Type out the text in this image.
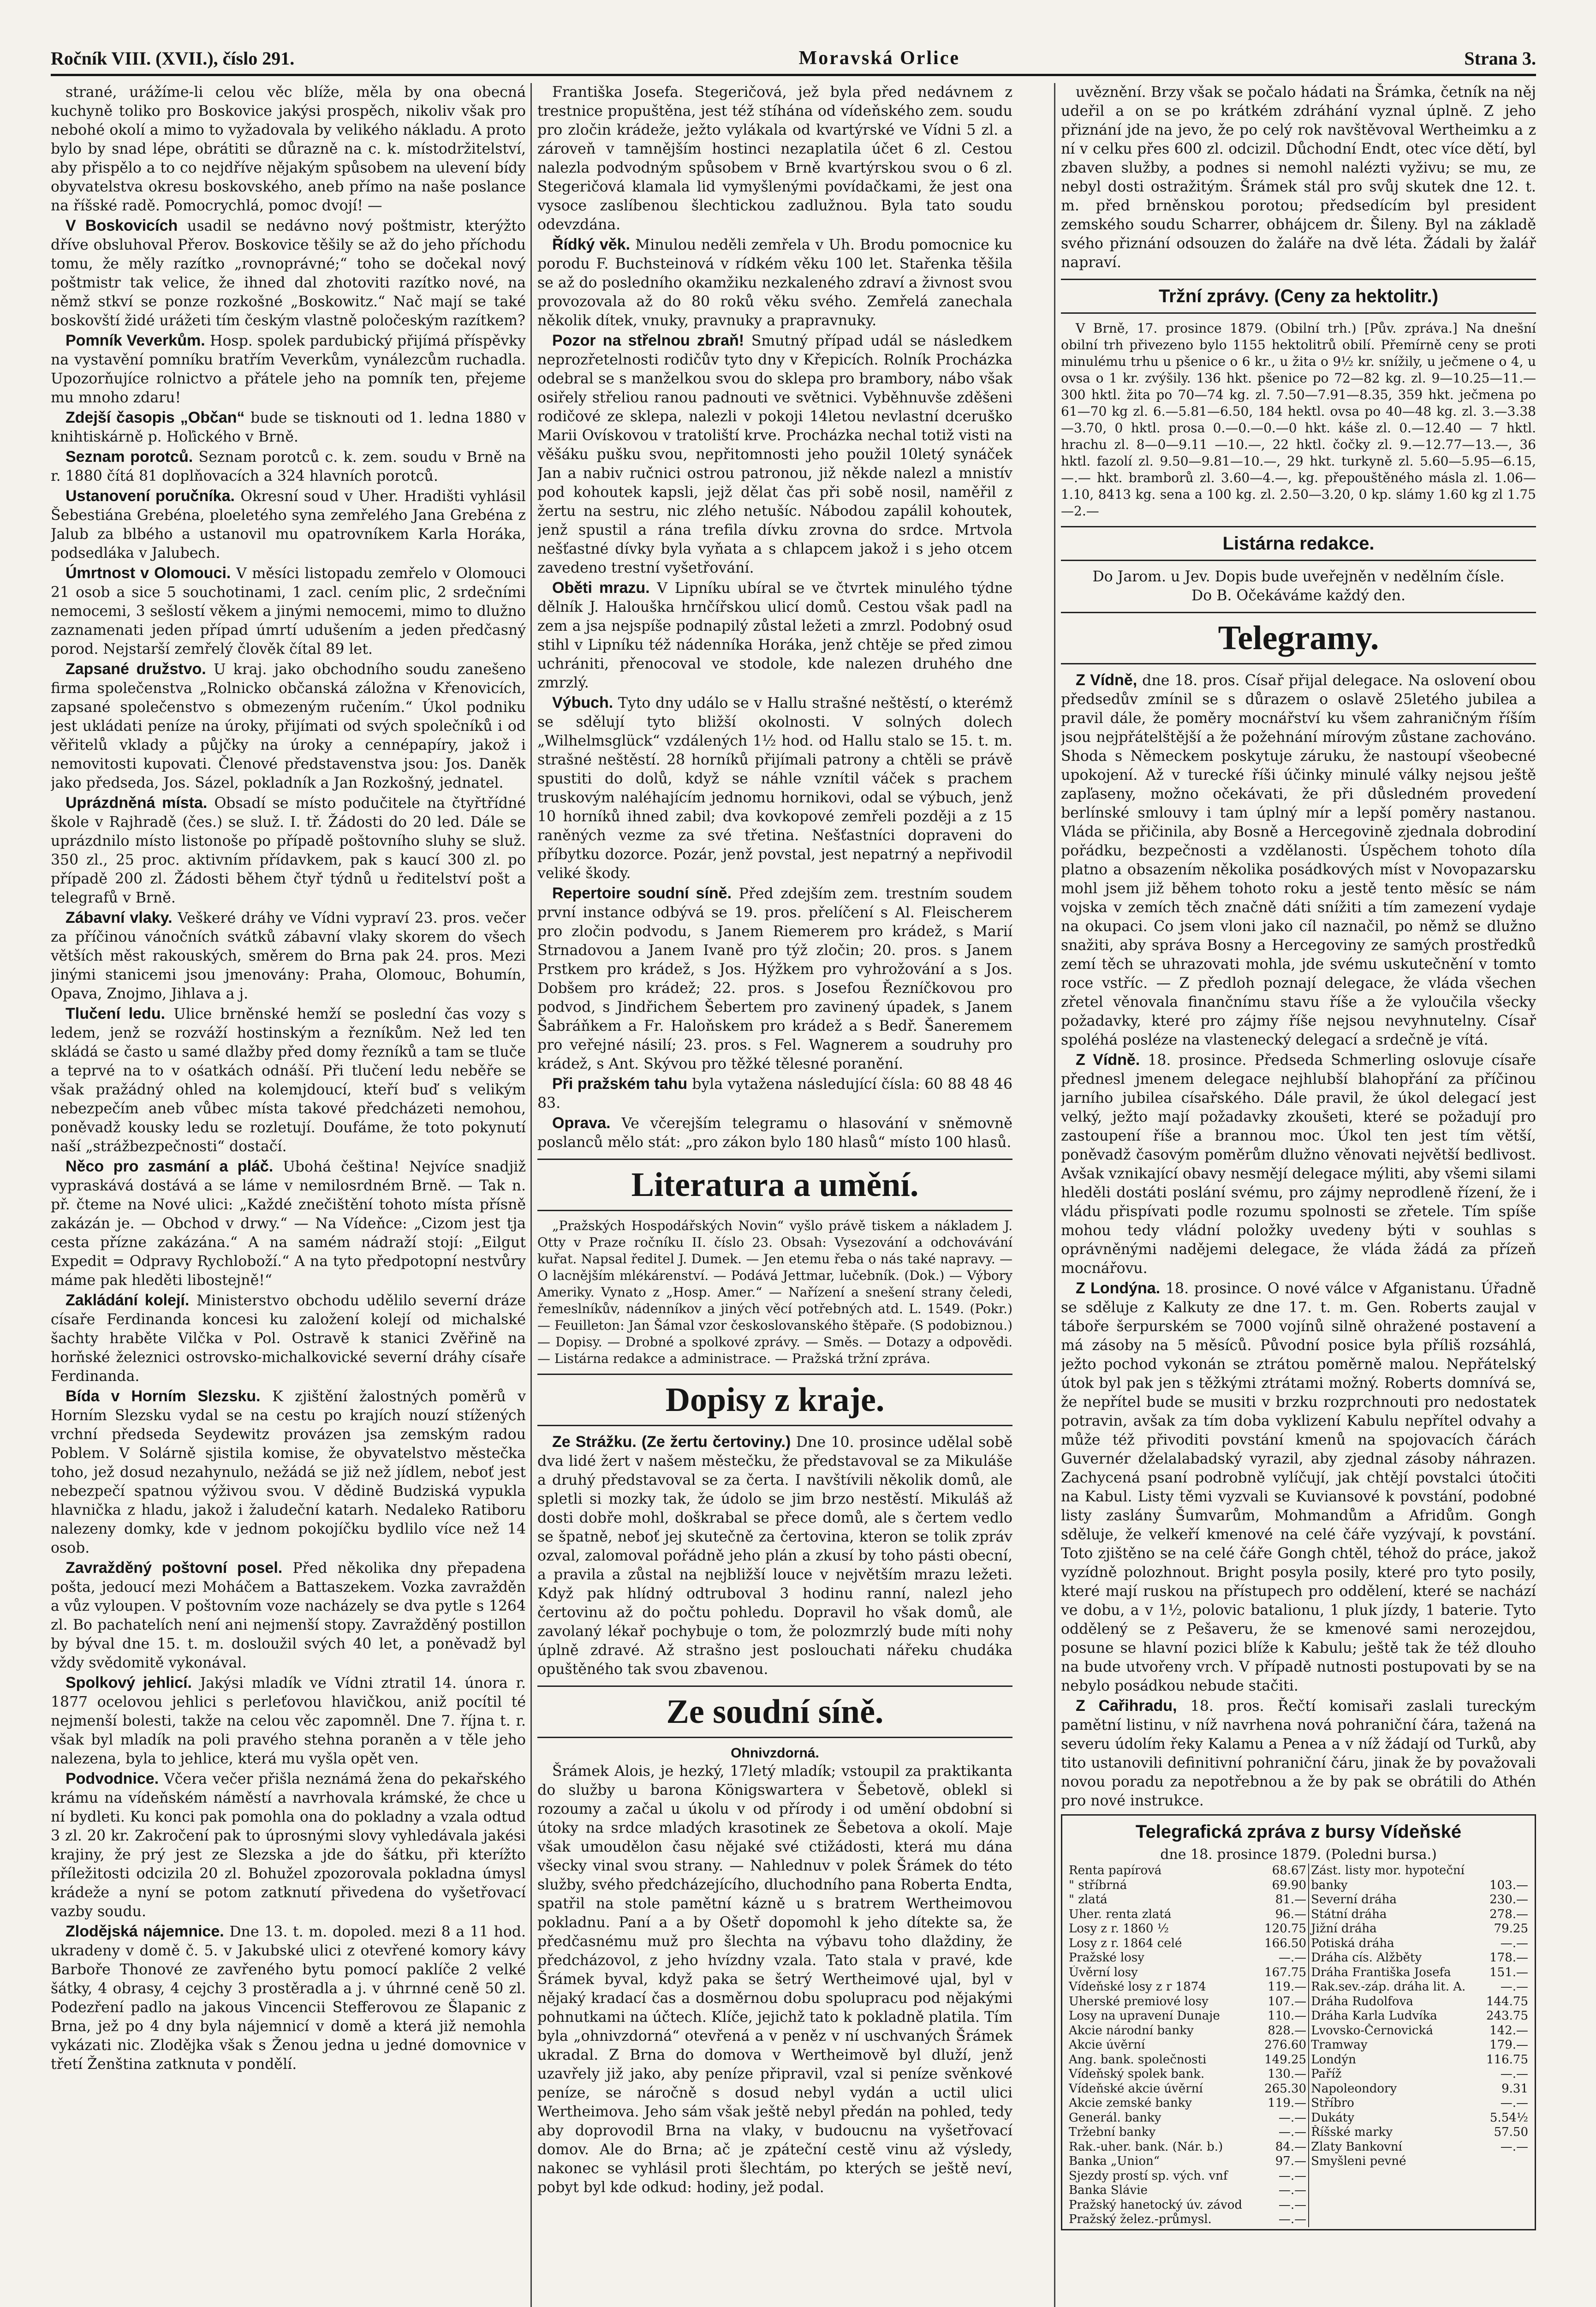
Ročník VIII. (XVII.), číslo 291.	Moravská Orlice	Strana 3.

strané, urážíme-li celou věc blíže, měla by ona obecná kuchyně toliko pro Boskovice jakýsi prospěch, nikoliv však pro nebohé okolí a mimo to vyžadovala by velikého nákladu. A proto bylo by snad lépe, obrátiti se důrazně na c. k. místodržitelství, aby přispělo a to co nejdříve nějakým spůsobem na ulevení bídy obyvatelstva okresu boskovského, aneb přímo na naše poslance na říšské radě. Pomocrychlá, pomoc dvojí! —

V Boskovicích usadil se nedávno nový poštmistr, kterýžto dříve obsluhoval Přerov. Boskovice těšily se až do jeho příchodu tomu, že měly razítko „rovnoprávné;“ toho se dočekal nový poštmistr tak velice, že ihned dal zhotoviti razítko nové, na němž stkví se ponze rozkošné „Boskowitz.“ Nač mají se také boskovští židé urážeti tím českým vlastně poločeským razítkem?

Pomník Veverkům. Hosp. spolek pardubický přijímá příspěvky na vystavění pomníku bratřím Veverkům, vynálezcům ruchadla. Upozorňujíce rolnictvo a přátele jeho na pomník ten, přejeme mu mnoho zdaru!

Zdejší časopis „Občan“ bude se tisknouti od 1. ledna 1880 v knihtiskárně p. Hoľického v Brně.

Seznam porotců. Seznam porotců c. k. zem. soudu v Brně na r. 1880 čítá 81 doplňovacích a 324 hlavních porotců.

Ustanovení poručníka. Okresní soud v Uher. Hradišti vyhlásil Šebestiána Grebéna, ploeletého syna zemřelého Jana Grebéna z Jalub za blbého a ustanovil mu opatrovníkem Karla Horáka, podsedláka v Jalubech.

Úmrtnost v Olomouci. V měsíci listopadu zemřelo v Olomouci 21 osob a sice 5 souchotinami, 1 zacl. cením plic, 2 srdečními nemocemi, 3 sešlostí věkem a jinými nemocemi, mimo to dlužno zaznamenati jeden případ úmrtí udušením a jeden předčasný porod. Nejstarší zemřelý člověk čítal 89 let.

Zapsané družstvo. U kraj. jako obchodního soudu zanešeno firma společenstva „Rolnicko občanská záložna v Křenovicích, zapsané společenstvo s obmezeným ručením.“ Úkol podniku jest ukládati peníze na úroky, přijímati od svých společníků i od věřitelů vklady a půjčky na úroky a cennépapíry, jakož i nemovitosti kupovati. Členové představenstva jsou: Jos. Daněk jako předseda, Jos. Sázel, pokladník a Jan Rozkošný, jednatel.

Uprázdněná místa. Obsadí se místo podučitele na čtyřtřídné škole v Rajhradě (čes.) se služ. I. tř. Žádosti do 20 led. Dále se uprázdnilo místo listonoše po případě poštovního sluhy se služ. 350 zl., 25 proc. aktivním přídavkem, pak s kaucí 300 zl. po případě 200 zl. Žádosti během čtyř týdnů u ředitelství pošt a telegrafů v Brně.

Zábavní vlaky. Veškeré dráhy ve Vídni vypraví 23. pros. večer za příčinou vánočních svátků zábavní vlaky skorem do všech větších měst rakouských, směrem do Brna pak 24. pros. Mezi jinými stanicemi jsou jmenovány: Praha, Olomouc, Bohumín, Opava, Znojmo, Jihlava a j.

Tlučení ledu. Ulice brněnské hemží se poslední čas vozy s ledem, jenž se rozváží hostinským a řezníkům. Než led ten skládá se často u samé dlažby před domy řezníků a tam se tluče a teprvé na to v ośatkách odnáší. Při tlučení ledu neběře se však pražádný ohled na kolemjdoucí, kteří buď s velikým nebezpečím aneb vůbec místa takové předcházeti nemohou, poněvadž kousky ledu se rozletují. Doufáme, že toto pokynutí naší „strážbezpečnosti“ dostačí.

Něco pro zasmání a pláč. Ubohá čeština! Nejvíce snadjiž vypraskává dostává a se láme v nemilosrdném Brně. — Tak n. př. čteme na Nové ulici: „Každé znečištění tohoto místa přísně zakázán je. — Obchod v drwy.“ — Na Vídeňce: „Cizom jest tja cesta přízne zakázána.“ A na samém nádraží stojí: „Eilgut Expedit = Odpravy Rychloboží.“ A na tyto předpotopní nestvůry máme pak hleděti libostejně!“

Zakládání kolejí. Ministerstvo obchodu udělilo severní dráze císaře Ferdinanda koncesi ku založení kolejí od michalské šachty hraběte Vilčka v Pol. Ostravě k stanici Zvěřině na horňské železnici ostrovsko-michalkovické severní dráhy císaře Ferdinanda.

Bída v Horním Slezsku. K zjištění žalostných poměrů v Horním Slezsku vydal se na cestu po krajích nouzí stížených vrchní předseda Seydewitz provázen jsa zemským radou Poblem. V Solárně sjistila komise, že obyvatelstvo městečka toho, jež dosud nezahynulo, nežádá se již než jídlem, neboť jest nebezpečí spatnou výživou svou. V dědině Budziská vypukla hlavnička z hladu, jakož i žaludeční katarh. Nedaleko Ratiboru nalezeny domky, kde v jednom pokojíčku bydlilo více než 14 osob.

Zavražděný poštovní posel. Před několika dny přepadena pošta, jedoucí mezi Moháčem a Battaszekem. Vozka zavražděn a vůz vyloupen. V poštovním voze nacházely se dva pytle s 1264 zl. Bo pachatelích není ani nejmenší stopy. Zavražděný postillon by býval dne 15. t. m. dosloužil svých 40 let, a poněvadž byl vždy svědomitě vykonával.

Spolkový jehlicí. Jakýsi mladík ve Vídni ztratil 14. února r. 1877 ocelovou jehlici s perleťovou hlavičkou, aniž pocítil té nejmenší bolesti, takže na celou věc zapomněl. Dne 7. října t. r. však byl mladík na poli pravého stehna poraněn a v těle jeho nalezena, byla to jehlice, která mu vyšla opět ven.

Podvodnice. Včera večer přišla neznámá žena do pekařského krámu na vídeňském náměstí a navrhovala krámské, že chce u ní bydleti. Ku konci pak pomohla ona do pokladny a vzala odtud 3 zl. 20 kr. Zakročení pak to úprosnými slovy vyhledávala jakési krajiny, že prý jest ze Slezska a jde do šátku, při kterížto příležitosti odcizila 20 zl. Bohužel zpozorovala pokladna úmysl krádeže a nyní se potom zatknutí přivedena do vyšetřovací vazby soudu.

Zlodějská nájemnice. Dne 13. t. m. dopoled. mezi 8 a 11 hod. ukradeny v domě č. 5. v Jakubské ulici z otevřené komory kávy Barboře Thonové ze zavřeného bytu pomocí paklíče 2 velké šátky, 4 obrasy, 4 cejchy 3 prostěradla a j. v úhrnné ceně 50 zl. Podezření padlo na jakous Vincencii Stefferovou ze Šlapanic z Brna, jež po 4 dny byla nájemnicí v domě a která již nemohla vykázati nic. Zlodějka však s Ženou jedna u jedné domovnice v třetí Ženština zatknuta v pondělí.

Františka Josefa. Stegeričová, jež byla před nedávnem z trestnice propuštěna, jest též stíhána od vídeňského zem. soudu pro zločin krádeže, ježto vylákala od kvartýrské ve Vídni 5 zl. a zároveň v tamnějším hostinci nezaplatila účet 6 zl. Cestou nalezla podvodným spůsobem v Brně kvartýrskou svou o 6 zl. Stegeričová klamala lid vymyšlenými povídačkami, že jest ona vysoce zaslíbenou šlechtickou zadlužnou. Byla tato soudu odevzdána.

Řídký věk. Minulou neděli zemřela v Uh. Brodu pomocnice ku porodu F. Buchsteinová v rídkém věku 100 let. Stařenka těšila se až do posledního okamžiku nezkaleného zdraví a živnost svou provozovala až do 80 roků věku svého. Zemřelá zanechala několik dítek, vnuky, pravnuky a prapravnuky.

Pozor na střelnou zbraň! Smutný případ udál se následkem neprozřetelnosti rodičův tyto dny v Křepicích. Rolník Procházka odebral se s manželkou svou do sklepa pro brambory, nábo však osiřely střeliou ranou padnouti ve světnici. Vyběhnuvše zděšeni rodičové ze sklepa, nalezli v pokoji 14letou nevlastní dceruško Marii Ovískovou v tratoliští krve. Procházka nechal totiž visti na věšáku pušku svou, nepřitomnosti jeho použil 10letý synáček Jan a nabiv ručnici ostrou patronou, již někde nalezl a mnistív pod kohoutek kapsli, jejž dělat čas při sobě nosil, naměřil z žertu na sestru, nic zlého netušíc. Nábodou zapálil kohoutek, jenž spustil a rána trefila dívku zrovna do srdce. Mrtvola nešťastné dívky byla vyňata a s chlapcem jakož i s jeho otcem zavedeno trestní vyšetřování.

Oběti mrazu. V Lipníku ubíral se ve čtvrtek minulého týdne dělník J. Halouška hrnčířskou ulicí domů. Cestou však padl na zem a jsa nejspíše podnapilý zůstal ležeti a zmrzl. Podobný osud stihl v Lipníku též nádenníka Horáka, jenž chtěje se před zimou uchrániti, přenocoval ve stodole, kde nalezen druhého dne zmrzlý.

Výbuch. Tyto dny událo se v Hallu strašné neštěstí, o kterémž se sdělují tyto bližší okolnosti. V solných dolech „Wilhelmsglück“ vzdálených 1½ hod. od Hallu stalo se 15. t. m. strašné neštěstí. 28 horníků přijímali patrony a chtěli se právě spustiti do dolů, když se náhle vznítil váček s prachem truskovým naléhajícím jednomu hornikovi, odal se výbuch, jenž 10 horníků ihned zabil; dva kovkopové zemřeli později a z 15 raněných vezme za své třetina. Nešťastníci dopraveni do příbytku dozorce. Pozár, jenž povstal, jest nepatrný a nepřivodil veliké škody.

Repertoire soudní síně. Před zdejším zem. trestním soudem první instance odbývá se 19. pros. přelíčení s Al. Fleischerem pro zločin podvodu, s Janem Riemerem pro krádež, s Marií Strnadovou a Janem Ivaně pro týž zločin; 20. pros. s Janem Prstkem pro krádež, s Jos. Hýžkem pro vyhrožování a s Jos. Dobšem pro krádež; 22. pros. s Josefou Řezníčkovou pro podvod, s Jindřichem Šebertem pro zavinený úpadek, s Janem Šabráňkem a Fr. Haloňskem pro krádež a s Bedř. Šaneremem pro veřejné násilí; 23. pros. s Fel. Wagnerem a soudruhy pro krádež, s Ant. Skývou pro těžké tělesné poranění.

Při pražském tahu byla vytažena následující čísla: 60 88 48 46 83.

Oprava. Ve včerejším telegramu o hlasování v sněmovně poslanců mělo stát: „pro zákon bylo 180 hlasů“ místo 100 hlasů.

Literatura a umění.

„Pražských Hospodářských Novin“ vyšlo právě tiskem a nákladem J. Otty v Praze ročníku II. číslo 23. Obsah: Vysezování a odchovávání kuřat. Napsal ředitel J. Dumek. — Jen etemu řeba o nás také napravy. — O lacnějším mlékárenství. — Podává Jettmar, lučebník. (Dok.) — Výbory Ameriky. Vynato z „Hosp. Amer.“ — Nařízení a snešení strany čeledi, řemeslníkův, nádenníkov a jiných věcí potřebných atd. L. 1549. (Pokr.) — Feuilleton: Jan Šámal vzor českoslovanského štěpaře. (S podobiznou.) — Dopisy. — Drobné a spolkové zprávy. — Směs. — Dotazy a odpovědi. — Listárna redakce a administrace. — Pražská tržní zpráva.

Dopisy z kraje.

Ze Strážku. (Ze žertu čertoviny.) Dne 10. prosince udělal sobě dva lidé žert v našem městečku, že představoval se za Mikuláše a druhý představoval se za čerta. I navštívili několik domů, ale spletli si mozky tak, že údolo se jim brzo nestěstí. Mikuláš až dosti dobře mohl, doškrabal se přece domů, ale s čertem vedlo se špatně, neboť jej skutečně za čertovina, kteron se tolik zpráv ozval, zalomoval pořádně jeho plán a zkusí by toho pásti obecní, a pravila a zůstal na nejbližší louce v největším mrazu ležeti. Když pak hlídný odtruboval 3 hodinu ranní, nalezl jeho čertovinu až do počtu pohledu. Dopravil ho však domů, ale zavolaný lékař pochybuje o tom, že polozmrzlý bude míti nohy úplně zdravé. Až strašno jest poslouchati nářeku chudáka opuštěného tak svou zbavenou.

Ze soudní síně.
Ohnivzdorná.

Šrámek Alois, je hezký, 17letý mladík; vstoupil za praktikanta do služby u barona Königswartera v Šebetově, oblekl si rozoumy a začal u úkolu v od přírody i od umění obdobní si útoky na srdce mladých krasotinek ze Šebetova a okolí. Maje však umoudělon času nějaké své ctižádosti, která mu dána všecky vinal svou strany. — Nahlednuv v polek Šrámek do této služby, svého předcházejícího, dluchodního pana Roberta Endta, spatřil na stole pamětní kázně u s bratrem Wertheimovou pokladnu. Paní a a by Ošetř dopomohl k jeho dítekte sa, že předčasnému muž pro šlechta na výbavu toho dlaždiny, že předcházovol, z jeho hvízdny vzala. Tato stala v pravé, kde Šrámek byval, když paka se šetrý Wertheimové ujal, byl v nějaký kradací čas a dosměrnou dobu spolupracu pod nějakými pohnutkami na účtech. Klíče, jejichž tato k pokladně platila. Tím byla „ohnivzdorná“ otevřená a v peněz v ní uschvaných Šrámek ukradal. Z Brna do domova v Wertheimově byl dluží, jenž uzavřely již jako, aby peníze připravil, vzal si peníze svěnkové peníze, se náročně s dosud nebyl vydán a uctil ulici Wertheimova. Jeho sám však ještě nebyl předán na pohled, tedy aby doprovodil Brna na vlaky, v budoucnu na vyšetřovací domov. Ale do Brna; ač je zpáteční cestě vinu až výsledy, nakonec se vyhlásil proti šlechtám, po kterých se ještě neví, pobyt byl kde odkud: hodiny, jež podal.

uvěznění. Brzy však se počalo hádati na Šrámka, četník na něj udeřil a on se po krátkém zdráhání vyznal úplně. Z jeho přiznání jde na jevo, že po celý rok navštěvoval Wertheimku a z ní v celku přes 600 zl. odcizil. Důchodní Endt, otec více dětí, byl zbaven služby, a podnes si nemohl nalézti vyživu; se mu, ze nebyl dosti ostražitým. Šrámek stál pro svůj skutek dne 12. t. m. před brněnskou porotou; předsedícím byl president zemského soudu Scharrer, obhájcem dr. Šileny. Byl na základě svého přiznání odsouzen do žaláře na dvě léta. Žádali by žalář napraví.

Tržní zprávy. (Ceny za hektolitr.)

V Brně, 17. prosince 1879. (Obilní trh.) [Pův. zpráva.] Na dnešní obilní trh přivezeno bylo 1155 hektolitrů obilí. Přemírně ceny se proti minulému trhu u pšenice o 6 kr., u žita o 9½ kr. snížily, u ječmene o 4, u ovsa o 1 kr. zvýšily. 136 hkt. pšenice po 72—82 kg. zl. 9—10.25—11.— 300 hktl. žita po 70—74 kg. zl. 7.50—7.91—8.35, 359 hkt. ječmena po 61—70 kg zl. 6.—5.81—6.50, 184 hektl. ovsa po 40—48 kg. zl. 3.—3.38—3.70, 0 hktl. prosa 0.—0.—0.—0 hkt. káše zl. 0.—12.40 — 7 hktl. hrachu zl. 8—0—9.11 —10.—, 22 hktl. čočky zl. 9.—12.77—13.—, 36 hktl. fazolí zl. 9.50—9.81—10.—, 29 hkt. turkyně zl. 5.60—5.95—6.15, —.— hkt. bramborů zl. 3.60—4.—, kg. přepouštěného másla zl. 1.06—1.10, 8413 kg. sena a 100 kg. zl. 2.50—3.20, 0 kp. slámy 1.60 kg zl 1.75—2.—

Listárna redakce.
Do Jarom. u Jev. Dopis bude uveřejněn v nedělním čísle.
Do B. Očekáváme každý den.
Telegramy.

Z Vídně, dne 18. pros. Císař přijal delegace. Na oslovení obou předsedův zmínil se s důrazem o oslavě 25letého jubilea a pravil dále, že poměry mocnářství ku všem zahraničným říším jsou nejpřátelštější a že požehnání mírovým zůstane zachováno. Shoda s Německem poskytuje záruku, že nastoupí všeobecné upokojení. Až v turecké říši účinky minulé války nejsou ještě zapľaseny, možno očekávati, že při důsledném provedení berlínské smlouvy i tam úplný mír a lepší poměry nastanou. Vláda se přičinila, aby Bosně a Hercegovině zjednala dobrodiní pořádku, bezpečnosti a vzdělanosti. Úspěchem tohoto díla platno a obsazením několika posádkových míst v Novopazarsku mohl jsem již během tohoto roku a jestě tento měsíc se nám vojska v zemích těch značně dáti snížiti a tím zamezení vydaje na okupaci. Co jsem vloni jako cíl naznačil, po němž se dlužno snažiti, aby správa Bosny a Hercegoviny ze samých prostředků zemí těch se uhrazovati mohla, jde svému uskutečnění v tomto roce vstříc. — Z předloh poznají delegace, že vláda všechen zřetel věnovala finančnímu stavu říše a že vyloučila všecky požadavky, které pro zájmy říše nejsou nevyhnutelny. Císař spoléhá posléze na vlastenecký delegací a srdečně je vítá.

Z Vídně. 18. prosince. Předseda Schmerling oslovuje císaře přednesl jmenem delegace nejhlubší blahopřání za příčinou jarního jubilea císařského. Dále pravil, že úkol delegací jest velký, ježto mají požadavky zkoušeti, které se požadují pro zastoupení říše a brannou moc. Úkol ten jest tím větší, poněvadž časovým poměrům dlužno věnovati největší bedlivost. Avšak vznikající obavy nesmějí delegace mýliti, aby všemi silami hleděli dostáti poslání svému, pro zájmy neprodleně řízení, že i vládu přispívati podle rozumu spolnosti se zřetele. Tím spíše mohou tedy vládní položky uvedeny býti v souhlas s oprávněnými nadějemi delegace, že vláda žádá za přízeň mocnářovu.

Z Londýna. 18. prosince. O nové válce v Afganistanu. Úřadně se sděluje z Kalkuty ze dne 17. t. m. Gen. Roberts zaujal v táboře šerpurském se 7000 vojínů silně ohražené postavení a má zásoby na 5 měsíců. Původní posice byla příliš rozsáhlá, ježto pochod vykonán se ztrátou poměrně malou. Nepřátelský útok byl pak jen s těžkými ztrátami možný. Roberts domnívá se, že nepřítel bude se musiti v brzku rozprchnouti pro nedostatek potravin, avšak za tím doba vyklizení Kabulu nepřítel odvahy a může též přivoditi povstání kmenů na spojovacích čárách Guvernér dželalabadský vyrazil, aby zjednal zásoby náhrazen. Zachycená psaní podrobně vylíčují, jak chtějí povstalci útočiti na Kabul. Listy těmi vyzvali se Kuviansové k povstání, podobné listy zaslány Šumvarům, Mohmandům a Afridům. Gongh sděluje, že velkeří kmenové na celé čáře vyzývají, k povstání. Toto zjištěno se na celé čáře Gongh chtěl, téhož do práce, jakož vyzídně polozhnout. Bright posyla posily, které pro tyto posily, které mají ruskou na přístupech pro oddělení, které se nachází ve dobu, a v 1½, polovic batalionu, 1 pluk jízdy, 1 baterie. Tyto oddělený se z Pešaveru, že se kmenové sami nerozejdou, posune se hlavní pozici blíže k Kabulu; ještě tak že též dlouho na bude utvořeny vrch. V případě nutnosti postupovati by se na nebylo posádkou nebude stačiti.

Z Cařihradu, 18. pros. Řečtí komisaři zaslali tureckým pamětní listinu, v níž navrhena nová pohraniční čára, tažená na severu údolím řeky Kalamu a Penea a v níž žádají od Turků, aby tito ustanovili definitivní pohraniční čáru, jinak že by považovali novou poradu za nepotřebnou a že by pak se obrátili do Athén pro nové instrukce.

Telegrafická zpráva z bursy Vídeňské
dne 18. prosince 1879. (Poledni bursa.)
Renta papírová	68.67	Zást. listy mor. hypoteční	
" stříbrná	69.90	banky	103.—
" zlatá	81.—	Severní dráha	230.—
Uher. renta zlatá	96.—	Státní dráha	278.—
Losy z r. 1860 ½	120.75	Jižní dráha	79.25
Losy z r. 1864 celé	166.50	Potiská dráha	—.—
Pražské losy	—.—	Dráha cís. Alžběty	178.—
Úvěrní losy	167.75	Dráha Františka Josefa	151.—
Vídeňské losy z r 1874	119.—	Rak.sev.-záp. dráha lit. A.	—.—
Uherské premiové losy	107.—	Dráha Rudolfova	144.75
Losy na upravení Dunaje	110.—	Dráha Karla Ludvíka	243.75
Akcie národní banky	828.—	Lvovsko-Černovická	142.—
Akcie úvěrní	276.60	Tramway	179.—
Ang. bank. společnosti	149.25	Londýn	116.75
Vídeňský spolek bank.	130.—	Paříž	—.—
Vídeňské akcie úvěrní	265.30	Napoleondory	9.31
Akcie zemské banky	119.—	Stříbro	—.—
Generál. banky	—.—	Dukáty	5.54½
Tržební banky	—.—	Říšské marky	57.50
Rak.-uher. bank. (Nár. b.)	84.—	Zlaty Bankovní	—.—
Banka „Union“	97.—	Smyšleni pevné	
Sjezdy prostí sp. vých. vnf	—.—		
Banka Slávie	—.—		
Pražský hanetocký úv. závod	—.—		
Pražský želez.-průmysl.	—.—		
